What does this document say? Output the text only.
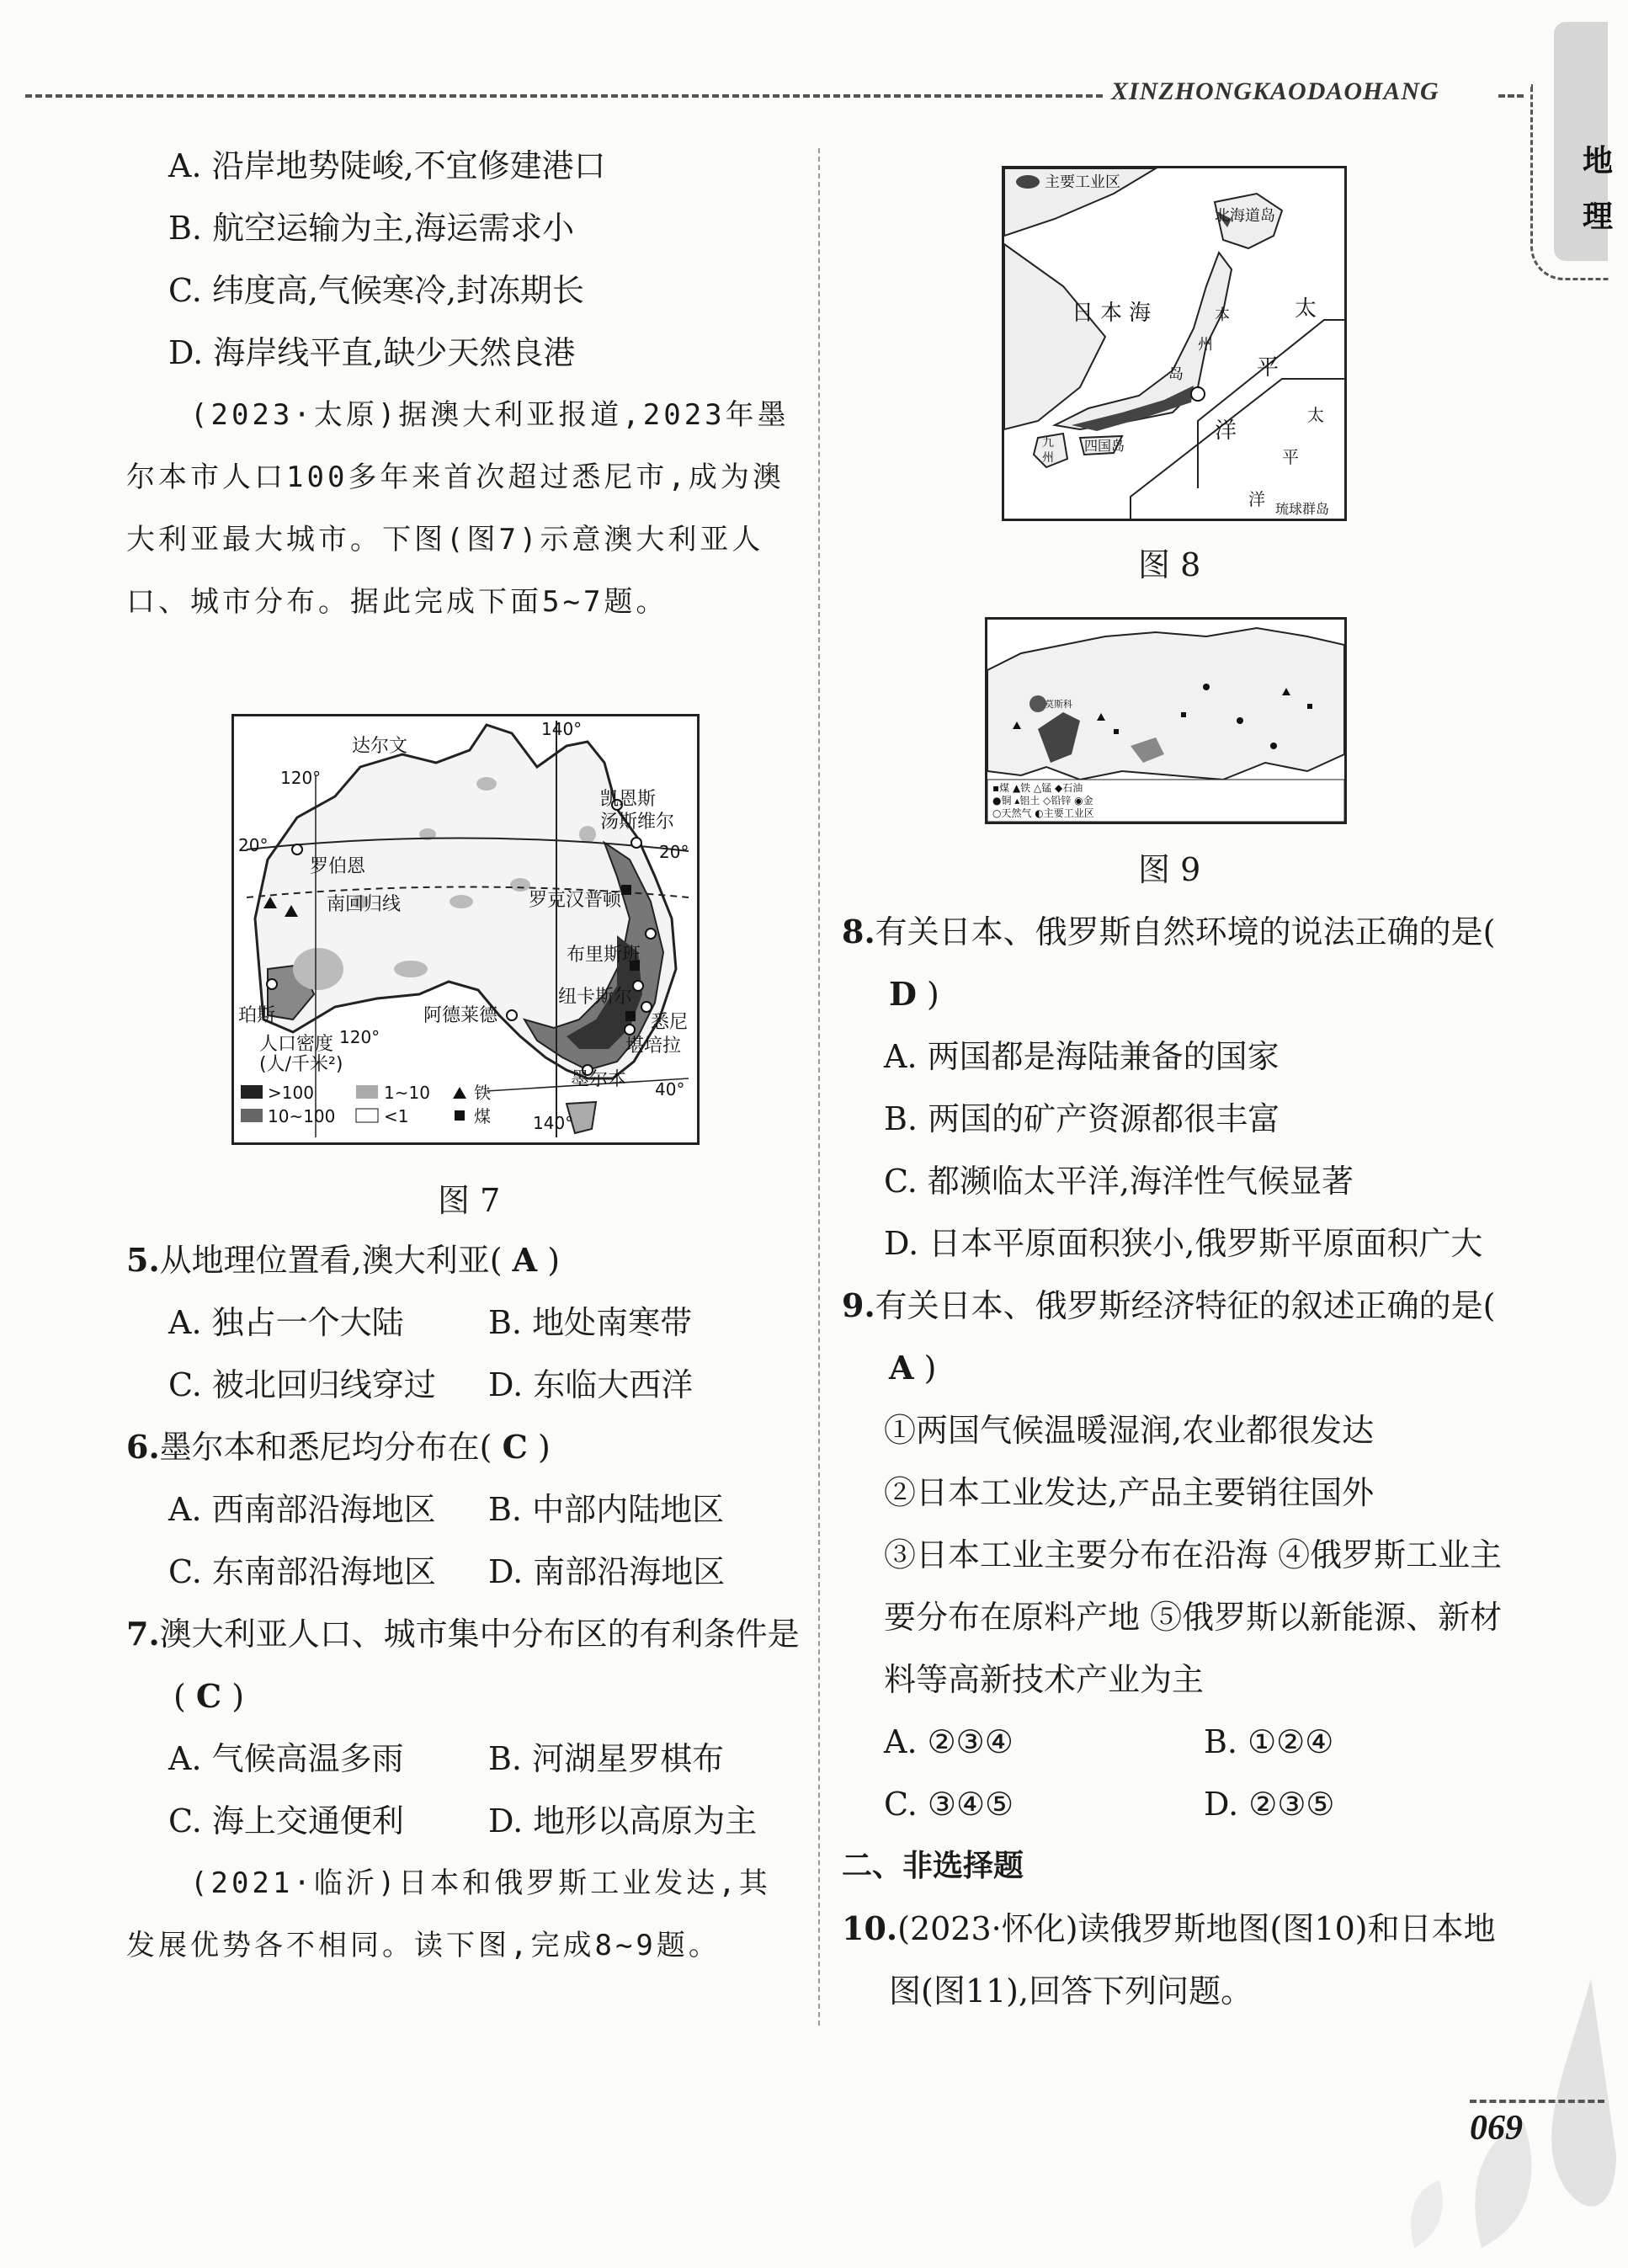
XINZHONGKAODAOHANG
地
理

A. 沿岸地势陡峻,不宜修建港口

B. 航空运输为主,海运需求小

C. 纬度高,气候寒冷,封冻期长

D. 海岸线平直,缺少天然良港

(2023·太原)据澳大利亚报道,2023年墨尔本市人口100多年来首次超过悉尼市,成为澳大利亚最大城市。下图(图7)示意澳大利亚人口、城市分布。据此完成下面5~7题。

达尔文
140°
120°
凯恩斯
汤斯维尔
20°
罗伯恩
20°
南回归线	罗克汉普顿
布里斯班
纽卡斯尔
悉尼
堪培拉
珀斯	阿德莱德
120°
人口密度
(人/千米²)
墨尔本 40°
140°
>100	1~10	铁
10~100	<1	煤
图 7

5.从地理位置看,澳大利亚( A )

A. 独占一个大陆	B. 地处南寒带
C. 被北回归线穿过	D. 东临大西洋

6.墨尔本和悉尼均分布在( C )

A. 西南部沿海地区	B. 中部内陆地区
C. 东南部沿海地区	D. 南部沿海地区

7.澳大利亚人口、城市集中分布区的有利条件是( C )

A. 气候高温多雨	B. 河湖星罗棋布
C. 海上交通便利	D. 地形以高原为主

(2021·临沂)日本和俄罗斯工业发达,其发展优势各不相同。读下图,完成8~9题。

主要工业区
北海道岛
日本海	本
州
岛
太
平
洋
太
平
洋
九
州
四国岛
琉球群岛
图 8
莫斯科
▪煤 ▲铁 △锰 ◆石油
●铜 ▴铝土 ◇铅锌 ◉金
○天然气 ◐主要工业区
图 9

8.有关日本、俄罗斯自然环境的说法正确的是( D )

A. 两国都是海陆兼备的国家

B. 两国的矿产资源都很丰富

C. 都濒临太平洋,海洋性气候显著

D. 日本平原面积狭小,俄罗斯平原面积广大

9.有关日本、俄罗斯经济特征的叙述正确的是( A )

①两国气候温暖湿润,农业都很发达

②日本工业发达,产品主要销往国外

③日本工业主要分布在沿海 ④俄罗斯工业主要分布在原料产地 ⑤俄罗斯以新能源、新材料等高新技术产业为主

A. ②③④	B. ①②④
C. ③④⑤	D. ②③⑤

二、非选择题

10.(2023·怀化)读俄罗斯地图(图10)和日本地图(图11),回答下列问题。

069
